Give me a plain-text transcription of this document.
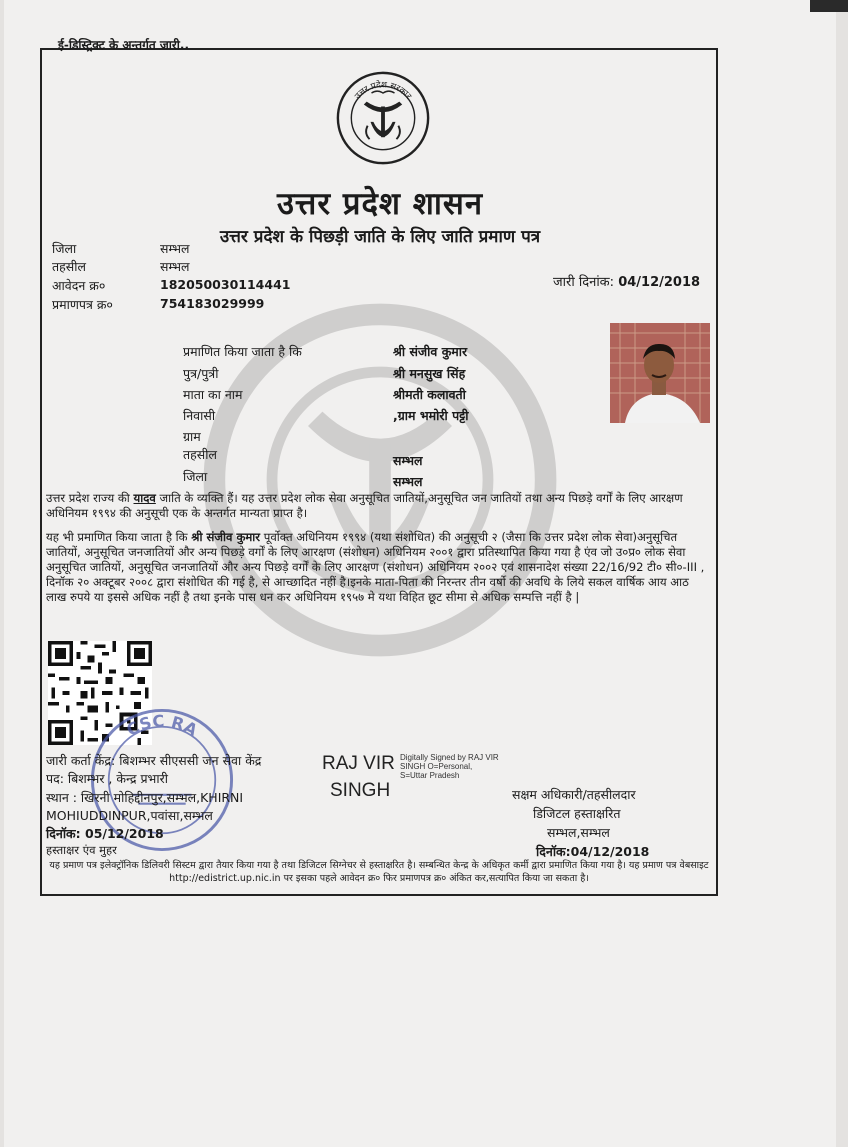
ई-डिस्ट्रिक्ट के अन्तर्गत जारी..
उत्तर प्रदेश सरकार
उत्तर प्रदेश शासन
उत्तर प्रदेश के पिछड़ी जाति के लिए जाति प्रमाण पत्र
जिला	सम्भल
तहसील	सम्भल
आवेदन क्र०	182050030114441
प्रमाणपत्र क्र०	754183029999
जारी दिनांक: 04/12/2018
प्रमाणित किया जाता है कि	श्री संजीव कुमार
पुत्र/पुत्री	श्री मनसुख सिंह
माता का नाम	श्रीमती कलावती
निवासी	,ग्राम भमोरी पट्टी
ग्राम
तहसील	सम्भल
जिला	सम्भल
उत्तर प्रदेश राज्य की यादव जाति के व्यक्ति हैं। यह उत्तर प्रदेश लोक सेवा अनुसूचित जातियों,अनुसूचित जन जातियों तथा अन्य पिछड़े वर्गों के लिए आरक्षण अधिनियम १९९४ की अनुसूची एक के अन्तर्गत मान्यता प्राप्त है।
यह भी प्रमाणित किया जाता है कि श्री संजीव कुमार पूर्वोक्त अधिनियम १९९४ (यथा संशोधित) की अनुसूची २ (जैसा कि उत्तर प्रदेश लोक सेवा)अनुसूचित जातियों, अनुसूचित जनजातियों और अन्य पिछड़े वर्गों के लिए आरक्षण (संशोधन) अधिनियम २००१ द्वारा प्रतिस्थापित किया गया है एंव जो उ०प्र० लोक सेवा अनुसूचित जातियों, अनुसूचित जनजातियों और अन्य पिछड़े वर्गों के लिए आरक्षण (संशोधन) अधिनियम २००२ एवं शासनादेश संख्या 22/16/92 टी० सी०-III , दिनॉक २० अक्टूबर २००८ द्वारा संशोधित की गई है, से आच्छादित नहीं है।इनके माता-पिता की निरन्तर तीन वर्षो की अवधि के लिये सकल वार्षिक आय आठ लाख रुपये या इससे अधिक नहीं है तथा इनके पास धन कर अधिनियम १९५७ मे यथा विहित छूट सीमा से अधिक सम्पत्ति नहीं है |
CSC RA
जारी कर्ता केंद्र: बिशम्भर सीएससी जन सेवा केंद्र
पद: बिशम्भर , केन्द्र प्रभारी
स्थान : खिरनी मोहिद्दीनपुर,सम्भल,KHIRNI
MOHIUDDINPUR,पवांसा,सम्भल
दिनॉक: 05/12/2018
हस्ताक्षर एंव मुहर
RAJ VIR
SINGH
Digitally Signed by RAJ VIR SINGH O=Personal, S=Uttar Pradesh
सक्षम अधिकारी/तहसीलदार
डिजिटल हस्ताक्षरित
सम्भल,सम्भल
दिनॉक:04/12/2018
यह प्रमाण पत्र इलेक्ट्रॉनिक डिलिवरी सिस्टम द्वारा तैयार किया गया है तथा डिजिटल सिग्नेचर से हस्ताक्षरित है। सम्बन्धित केन्द्र के अधिकृत कर्मी द्वारा प्रमाणित किया गया है। यह प्रमाण पत्र वेबसाइट http://edistrict.up.nic.in पर इसका पहले आवेदन क्र० फिर प्रमाणपत्र क्र० अंकित कर,सत्यापित किया जा सकता है।
